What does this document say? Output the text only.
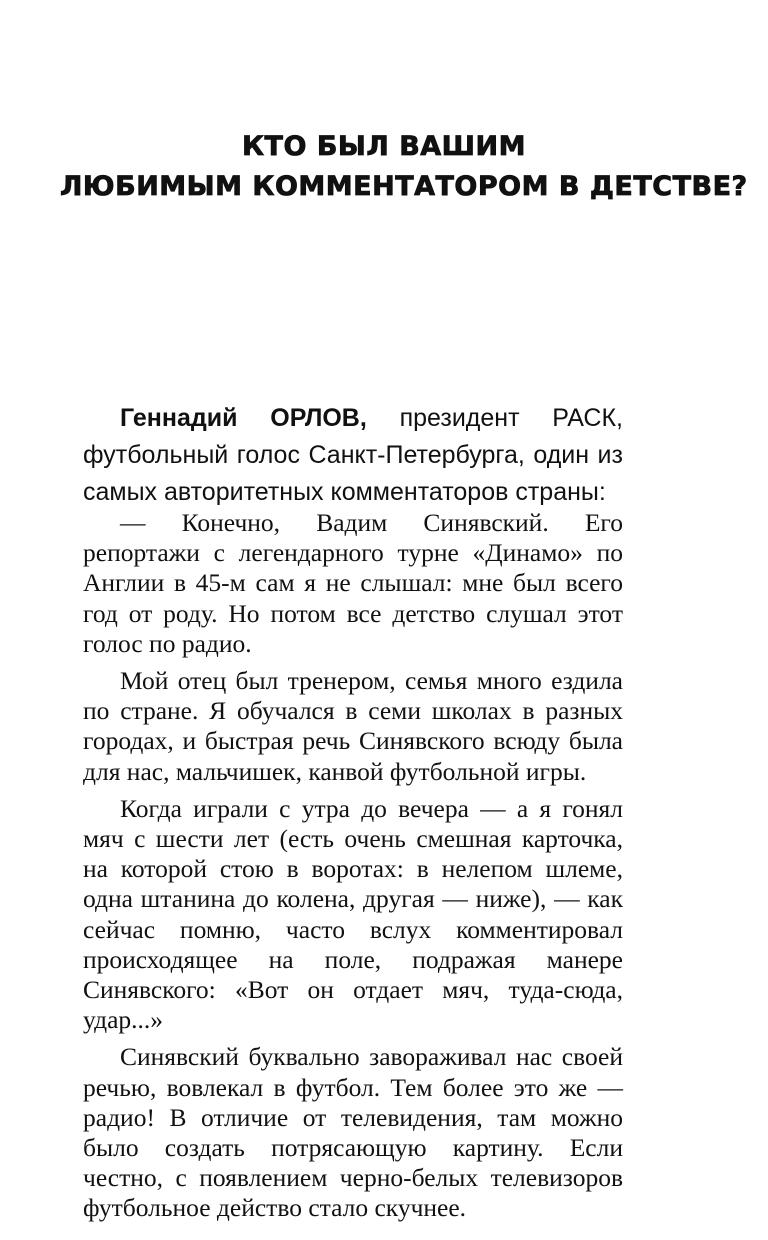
КТО БЫЛ ВАШИМ
ЛЮБИМЫМ КОММЕНТАТОРОМ В ДЕТСТВЕ?

Геннадий ОРЛОВ, президент РАСК, футбольный голос Санкт-Петербурга, один из самых авторитетных комментаторов страны:

— Конечно, Вадим Синявский. Его репортажи с легендарного турне «Динамо» по Англии в 45-м сам я не слышал: мне был всего год от роду. Но потом все детство слушал этот голос по радио.

Мой отец был тренером, семья много ездила по стране. Я обучался в семи школах в разных городах, и быстрая речь Синявского всюду была для нас, мальчишек, канвой футбольной игры.

Когда играли с утра до вечера — а я гонял мяч с шести лет (есть очень смешная карточка, на которой стою в воротах: в нелепом шлеме, одна штанина до колена, другая — ниже), — как сейчас помню, часто вслух комментировал происходящее на поле, подражая манере Синявского: «Вот он отдает мяч, туда-сюда, удар...»

Синявский буквально завораживал нас своей речью, вовлекал в футбол. Тем более это же — радио! В отличие от телевидения, там можно было создать потрясающую картину. Если честно, с появлением черно-белых телевизоров футбольное действо стало скучнее.
